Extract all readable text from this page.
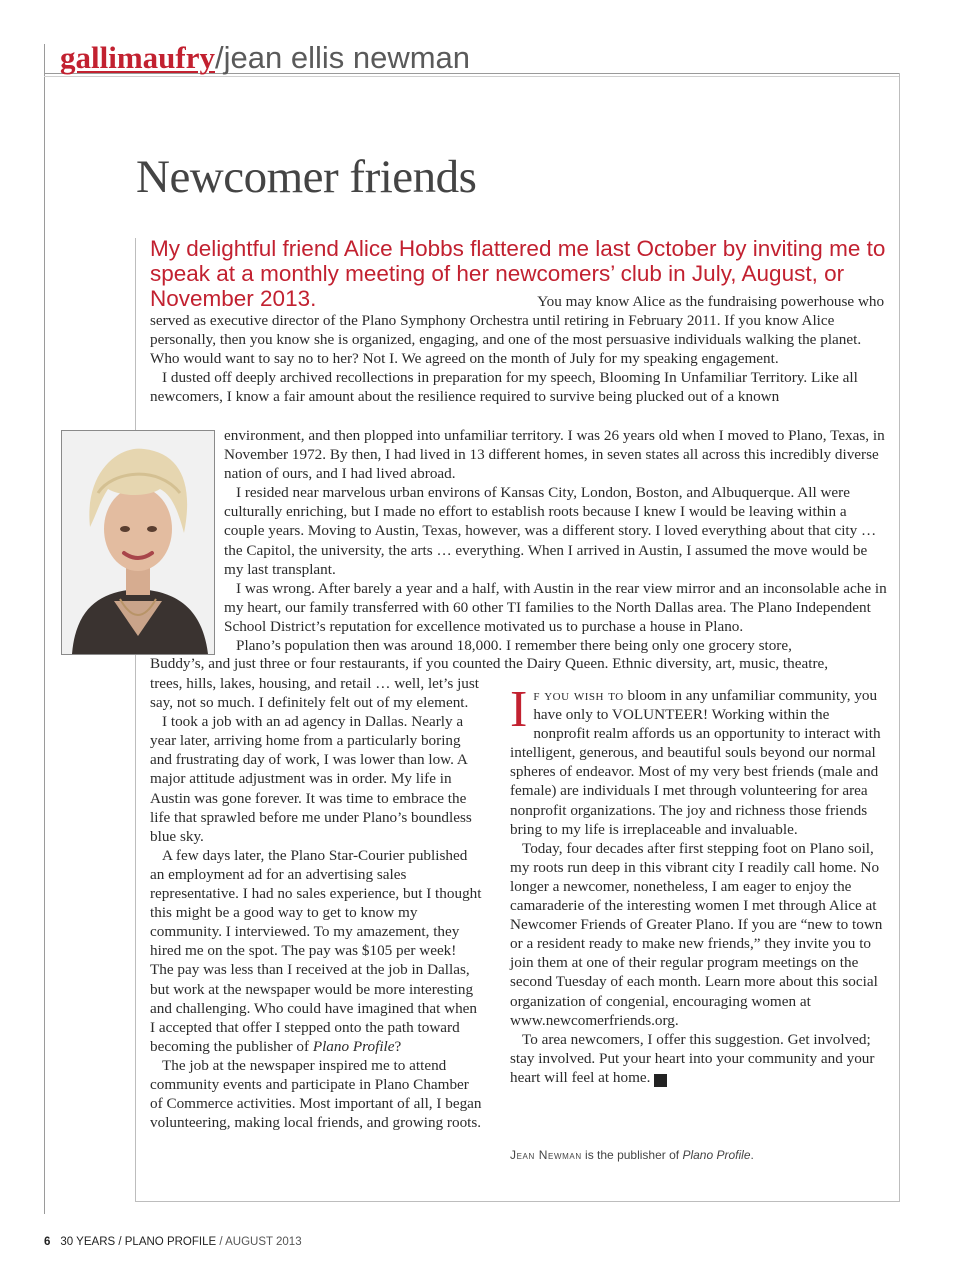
gallimaufry/jean ellis newman
Newcomer friends

My delightful friend Alice Hobbs flattered me last October by inviting me to speak at a monthly meeting of her newcomers’ club in July, August, or November 2013.	You may know Alice as the fundraising powerhouse who served as executive director of the Plano Symphony Orchestra until retiring in February 2011. If you know Alice personally, then you know she is organized, engaging, and one of the most persuasive individuals walking the planet. Who would want to say no to her? Not I. We agreed on the month of July for my speaking engagement.

I dusted off deeply archived recollections in preparation for my speech, Blooming In Unfamiliar Territory. Like all newcomers, I know a fair amount about the resilience required to survive being plucked out of a known

environment, and then plopped into unfamiliar territory. I was 26 years old when I moved to Plano, Texas, in November 1972. By then, I had lived in 13 different homes, in seven states all across this incredibly diverse nation of ours, and I had lived abroad.

I resided near marvelous urban environs of Kansas City, London, Boston, and Albuquerque. All were culturally enriching, but I made no effort to establish roots because I knew I would be leaving within a couple years. Moving to Austin, Texas, however, was a different story. I loved everything about that city … the Capitol, the university, the arts … everything. When I arrived in Austin, I assumed the move would be my last transplant.

I was wrong. After barely a year and a half, with Austin in the rear view mirror and an inconsolable ache in my heart, our family transferred with 60 other TI families to the North Dallas area. The Plano Independent School District’s reputation for excellence motivated us to purchase a house in Plano.

Plano’s population then was around 18,000. I remember there being only one grocery store,

Buddy’s, and just three or four restaurants, if you counted the Dairy Queen. Ethnic diversity, art, music, theatre,

trees, hills, lakes, housing, and retail … well, let’s just say, not so much. I definitely felt out of my element.

I took a job with an ad agency in Dallas. Nearly a year later, arriving home from a particularly boring and frustrating day of work, I was lower than low. A major attitude adjustment was in order. My life in Austin was gone forever. It was time to embrace the life that sprawled before me under Plano’s boundless blue sky.

A few days later, the Plano Star-Courier published an employment ad for an advertising sales representative. I had no sales experience, but I thought this might be a good way to get to know my community. I interviewed. To my amazement, they hired me on the spot. The pay was $105 per week! The pay was less than I received at the job in Dallas, but work at the newspaper would be more interesting and challenging. Who could have imagined that when I accepted that offer I stepped onto the path toward becoming the publisher of Plano Profile?

The job at the newspaper inspired me to attend community events and participate in Plano Chamber of Commerce activities. Most important of all, I began volunteering, making local friends, and growing roots.

If you wish to bloom in any unfamiliar community, you have only to VOLUNTEER! Working within the nonprofit realm affords us an opportunity to interact with intelligent, generous, and beautiful souls beyond our normal spheres of endeavor. Most of my very best friends (male and female) are individuals I met through volunteering for area nonprofit organizations. The joy and richness those friends bring to my life is irreplaceable and invaluable.

Today, four decades after first stepping foot on Plano soil, my roots run deep in this vibrant city I readily call home. No longer a newcomer, nonetheless, I am eager to enjoy the camaraderie of the interesting women I met through Alice at Newcomer Friends of Greater Plano. If you are “new to town or a resident ready to make new friends,” they invite you to join them at one of their regular program meetings on the second Tuesday of each month. Learn more about this social organization of congenial, encouraging women at www.newcomerfriends.org.

To area newcomers, I offer this suggestion. Get involved; stay involved. Put your heart into your community and your heart will feel at home. P

Jean Newman is the publisher of Plano Profile.

6 30 YEARS / PLANO PROFILE / AUGUST 2013
